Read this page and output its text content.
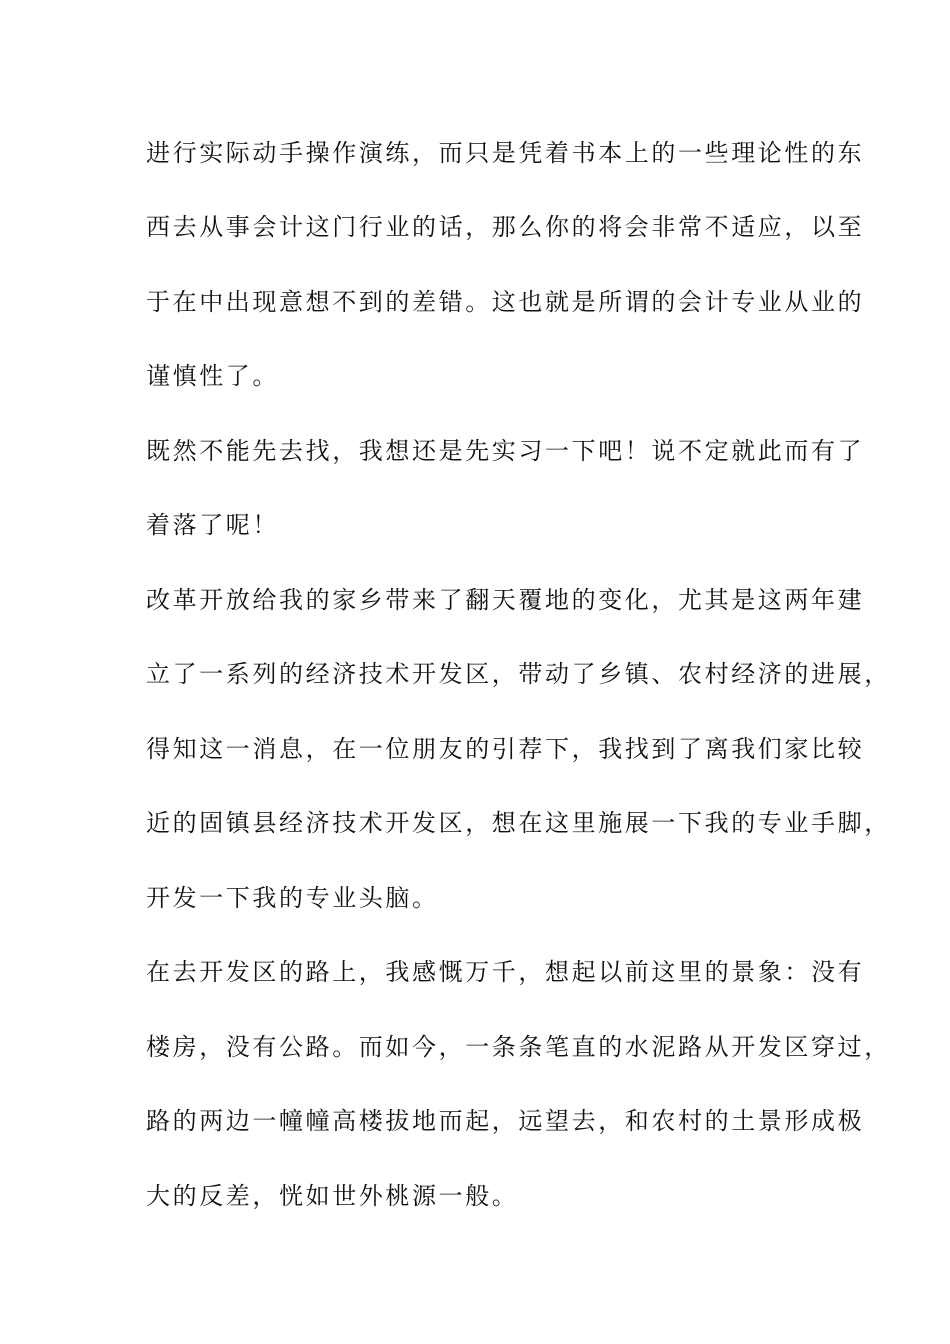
进行实际动手操作演练，而只是凭着书本上的一些理论性的东
西去从事会计这门行业的话，那么你的将会非常不适应，以至
于在中出现意想不到的差错。这也就是所谓的会计专业从业的
谨慎性了。
既然不能先去找，我想还是先实习一下吧！说不定就此而有了
着落了呢！
改革开放给我的家乡带来了翻天覆地的变化，尤其是这两年建
立了一系列的经济技术开发区，带动了乡镇、农村经济的进展，
得知这一消息，在一位朋友的引荐下，我找到了离我们家比较
近的固镇县经济技术开发区，想在这里施展一下我的专业手脚，
开发一下我的专业头脑。
在去开发区的路上，我感慨万千，想起以前这里的景象：没有
楼房，没有公路。而如今，一条条笔直的水泥路从开发区穿过，
路的两边一幢幢高楼拔地而起，远望去，和农村的土景形成极
大的反差，恍如世外桃源一般。
